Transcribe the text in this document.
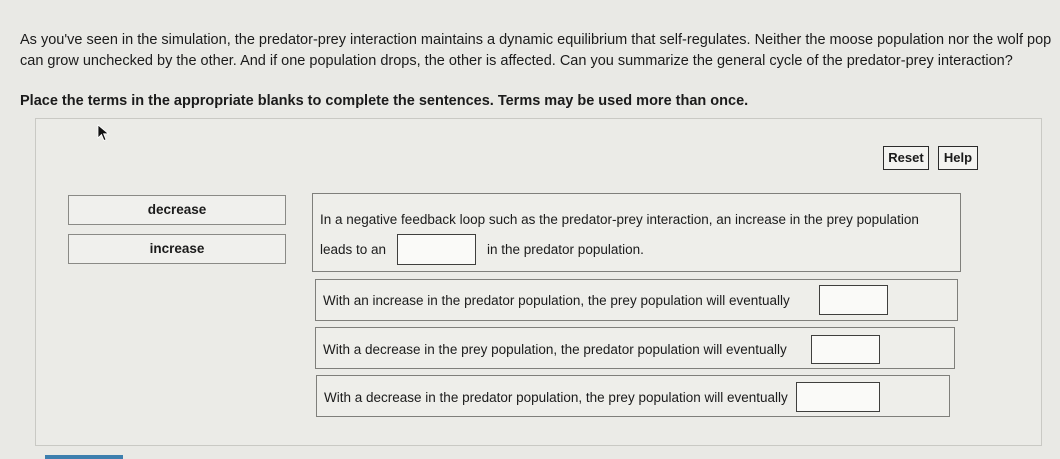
As you've seen in the simulation, the predator-prey interaction maintains a dynamic equilibrium that self-regulates. Neither the moose population nor the wolf pop
can grow unchecked by the other. And if one population drops, the other is affected. Can you summarize the general cycle of the predator-prey interaction?
Place the terms in the appropriate blanks to complete the sentences. Terms may be used more than once.
Reset	Help
decrease
increase
In a negative feedback loop such as the predator-prey interaction, an increase in the prey population
leads to an	in the predator population.
With an increase in the predator population, the prey population will eventually
With a decrease in the prey population, the predator population will eventually
With a decrease in the predator population, the prey population will eventually
